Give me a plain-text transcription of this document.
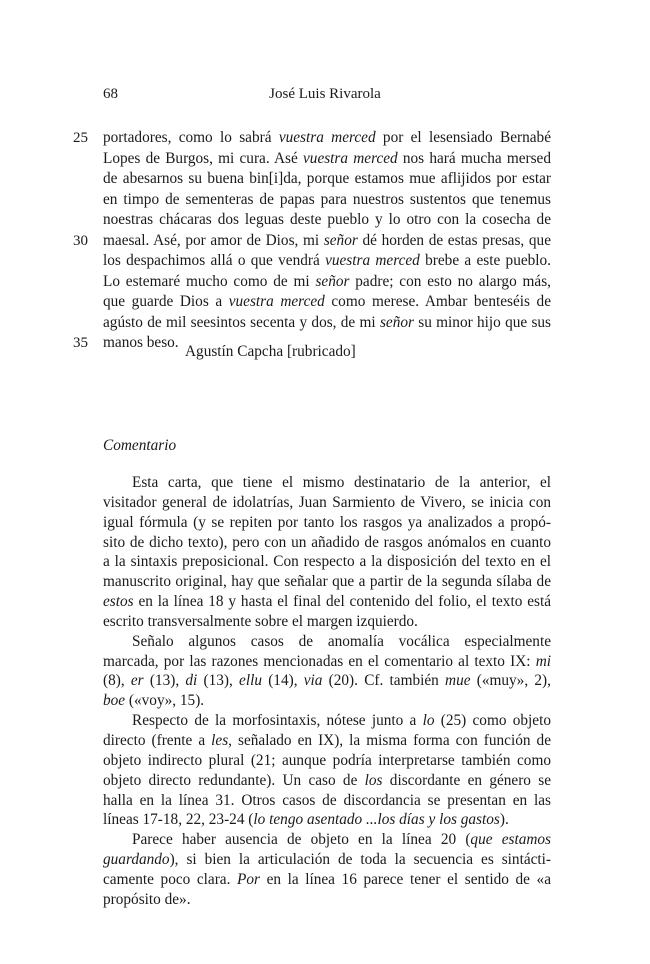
68	José Luis Rivarola
25 portadores, como lo sabrá vuestra merced por el lesensiado Bernabé
Lopes de Burgos, mi cura. Asé vuestra merced nos hará mucha mersed
de abesarnos su buena bin[i]da, porque estamos mue aflijidos por estar
en timpo de sementeras de papas para nuestros sustentos que tenemus
noestras chácaras dos leguas deste pueblo y lo otro con la cosecha de
30 maesal. Asé, por amor de Dios, mi señor dé horden de estas presas, que
los despachimos allá o que vendrá vuestra merced brebe a este pueblo.
Lo estemaré mucho como de mi señor padre; con esto no alargo más,
que guarde Dios a vuestra merced como merese. Ambar benteséis de
agústo de mil seesintos secenta y dos, de mi señor su minor hijo que sus
35 manos beso.
Agustín Capcha [rubricado]
Comentario
Esta carta, que tiene el mismo destinatario de la anterior, el
visitador general de idolatrías, Juan Sarmiento de Vivero, se inicia con
igual fórmula (y se repiten por tanto los rasgos ya analizados a propó-
sito de dicho texto), pero con un añadido de rasgos anómalos en cuanto
a la sintaxis preposicional. Con respecto a la disposición del texto en el
manuscrito original, hay que señalar que a partir de la segunda sílaba de
estos en la línea 18 y hasta el final del contenido del folio, el texto está
escrito transversalmente sobre el margen izquierdo.
Señalo algunos casos de anomalía vocálica especialmente
marcada, por las razones mencionadas en el comentario al texto IX: mi
(8), er (13), di (13), ellu (14), via (20). Cf. también mue («muy», 2),
boe («voy», 15).
Respecto de la morfosintaxis, nótese junto a lo (25) como objeto
directo (frente a les, señalado en IX), la misma forma con función de
objeto indirecto plural (21; aunque podría interpretarse también como
objeto directo redundante). Un caso de los discordante en género se
halla en la línea 31. Otros casos de discordancia se presentan en las
líneas 17-18, 22, 23-24 (lo tengo asentado ...los días y los gastos).
Parece haber ausencia de objeto en la línea 20 (que estamos
guardando), si bien la articulación de toda la secuencia es sintácti-
camente poco clara. Por en la línea 16 parece tener el sentido de «a
propósito de».
